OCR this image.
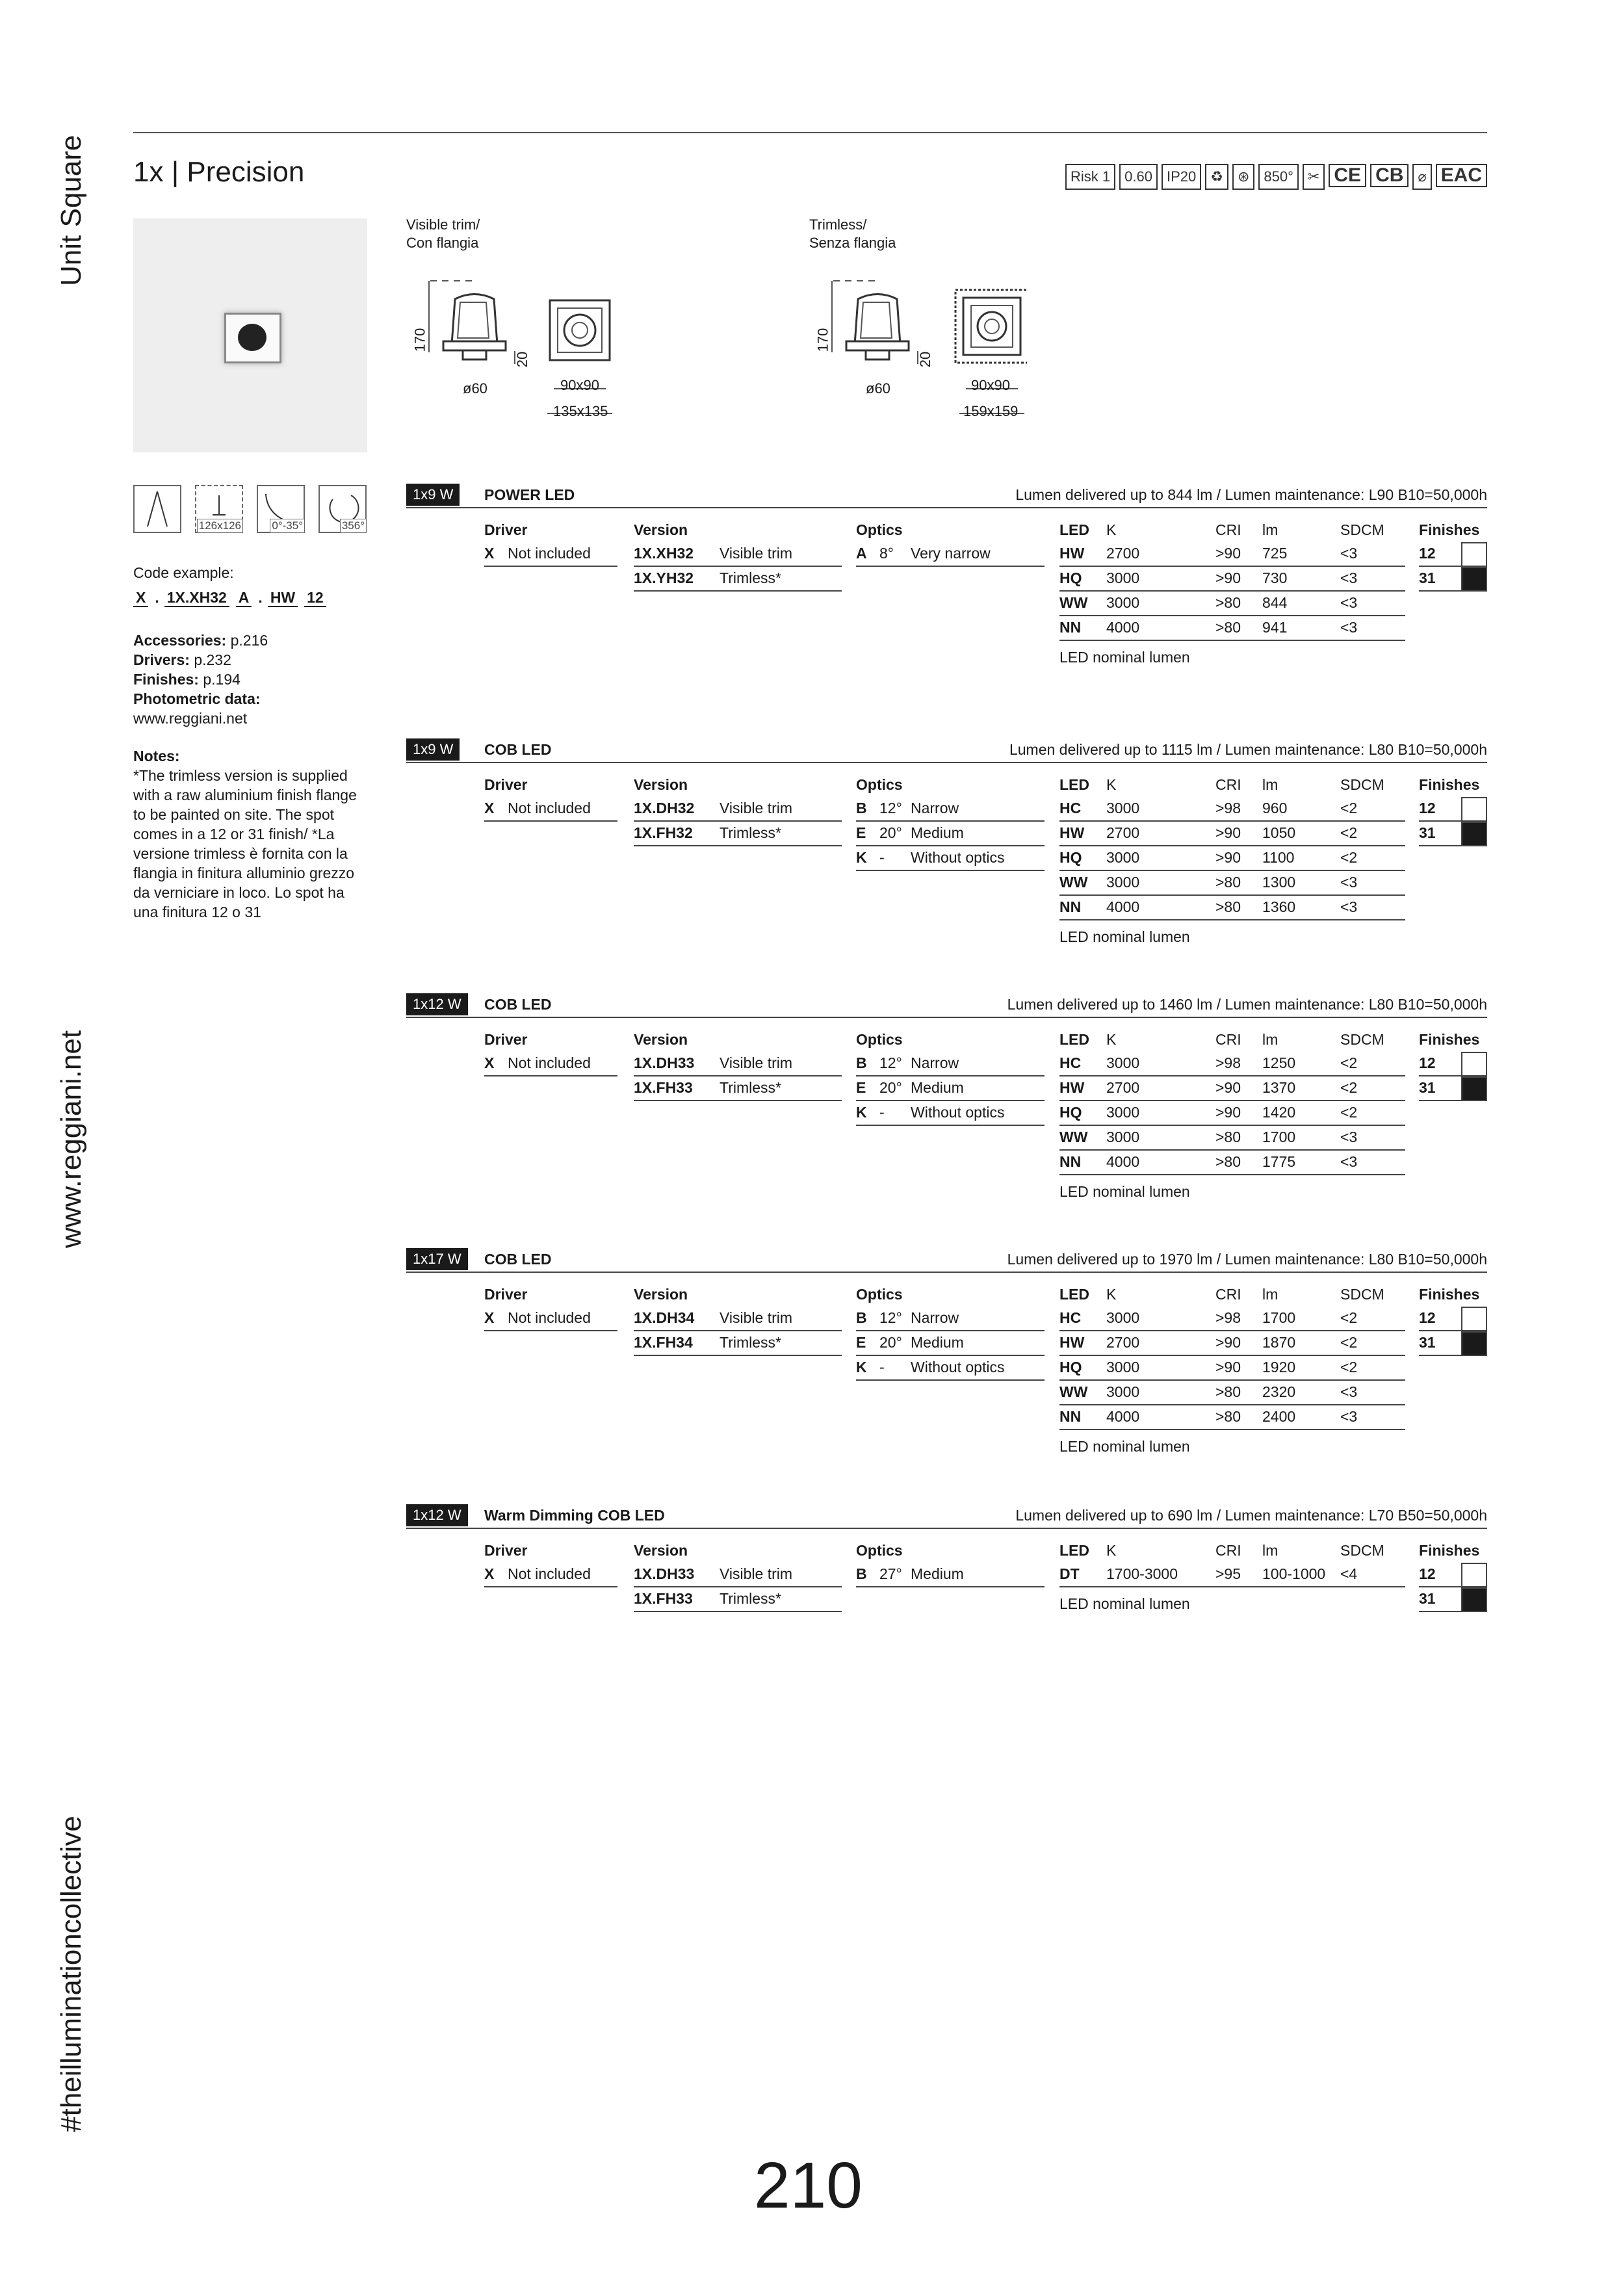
Unit Square
www.reggiani.net
#theilluminationcollective
1x | Precision	Risk 1	0.60	IP20	♻	⊛	850°	✂ CE CB	⌀ EAC
Visible trim/
Con flangia
Trimless/
Senza flangia
170
ø60
20
90x90
135x135
170
ø60
20
90x90
159x159
126x126	0°-35°	356°
Code example:
X . 1X.XH32 A . HW 12
Accessories: p.216
Drivers: p.232
Finishes: p.194
Photometric data:
www.reggiani.net
Notes:
*The trimless version is supplied with a raw aluminium finish flange to be painted on site. The spot comes in a 12 or 31 finish/ *La versione trimless è fornita con la flangia in finitura alluminio grezzo da verniciare in loco. Lo spot ha una finitura 12 o 31
1x9 W	POWER LED	Lumen delivered up to 844 lm / Lumen maintenance: L90 B10=50,000h
Driver
X Not included
Version
1X.XH32 Visible trim
1X.YH32 Trimless*
Optics
A 8° Very narrow
LED K	CRI lm	SDCM
HW 2700	>90 725	<3
HQ 3000	>90 730	<3
WW 3000	>80 844	<3
NN 4000	>80 941	<3
LED nominal lumen
Finishes
12
31
1x9 W	COB LED	Lumen delivered up to 1115 lm / Lumen maintenance: L80 B10=50,000h
Driver
X Not included
Version
1X.DH32 Visible trim
1X.FH32 Trimless*
Optics
B 12° Narrow
E 20° Medium
K - Without optics
LED K	CRI lm	SDCM
HC 3000	>98 960	<2
HW 2700	>90 1050	<2
HQ 3000	>90 1100	<2
WW 3000	>80 1300	<3
NN 4000	>80 1360	<3
LED nominal lumen
Finishes
12
31
1x12 W	COB LED	Lumen delivered up to 1460 lm / Lumen maintenance: L80 B10=50,000h
Driver
X Not included
Version
1X.DH33 Visible trim
1X.FH33 Trimless*
Optics
B 12° Narrow
E 20° Medium
K - Without optics
LED K	CRI lm	SDCM
HC 3000	>98 1250	<2
HW 2700	>90 1370	<2
HQ 3000	>90 1420	<2
WW 3000	>80 1700	<3
NN 4000	>80 1775	<3
LED nominal lumen
Finishes
12
31
1x17 W	COB LED	Lumen delivered up to 1970 lm / Lumen maintenance: L80 B10=50,000h
Driver
X Not included
Version
1X.DH34 Visible trim
1X.FH34 Trimless*
Optics
B 12° Narrow
E 20° Medium
K - Without optics
LED K	CRI lm	SDCM
HC 3000	>98 1700	<2
HW 2700	>90 1870	<2
HQ 3000	>90 1920	<2
WW 3000	>80 2320	<3
NN 4000	>80 2400	<3
LED nominal lumen
Finishes
12
31
1x12 W	Warm Dimming COB LED	Lumen delivered up to 690 lm / Lumen maintenance: L70 B50=50,000h
Driver
X Not included
Version
1X.DH33 Visible trim
1X.FH33 Trimless*
Optics
B 27° Medium
LED K	CRI lm	SDCM
DT 1700-3000	>95 100-1000 <4
LED nominal lumen
Finishes
12
31
210
